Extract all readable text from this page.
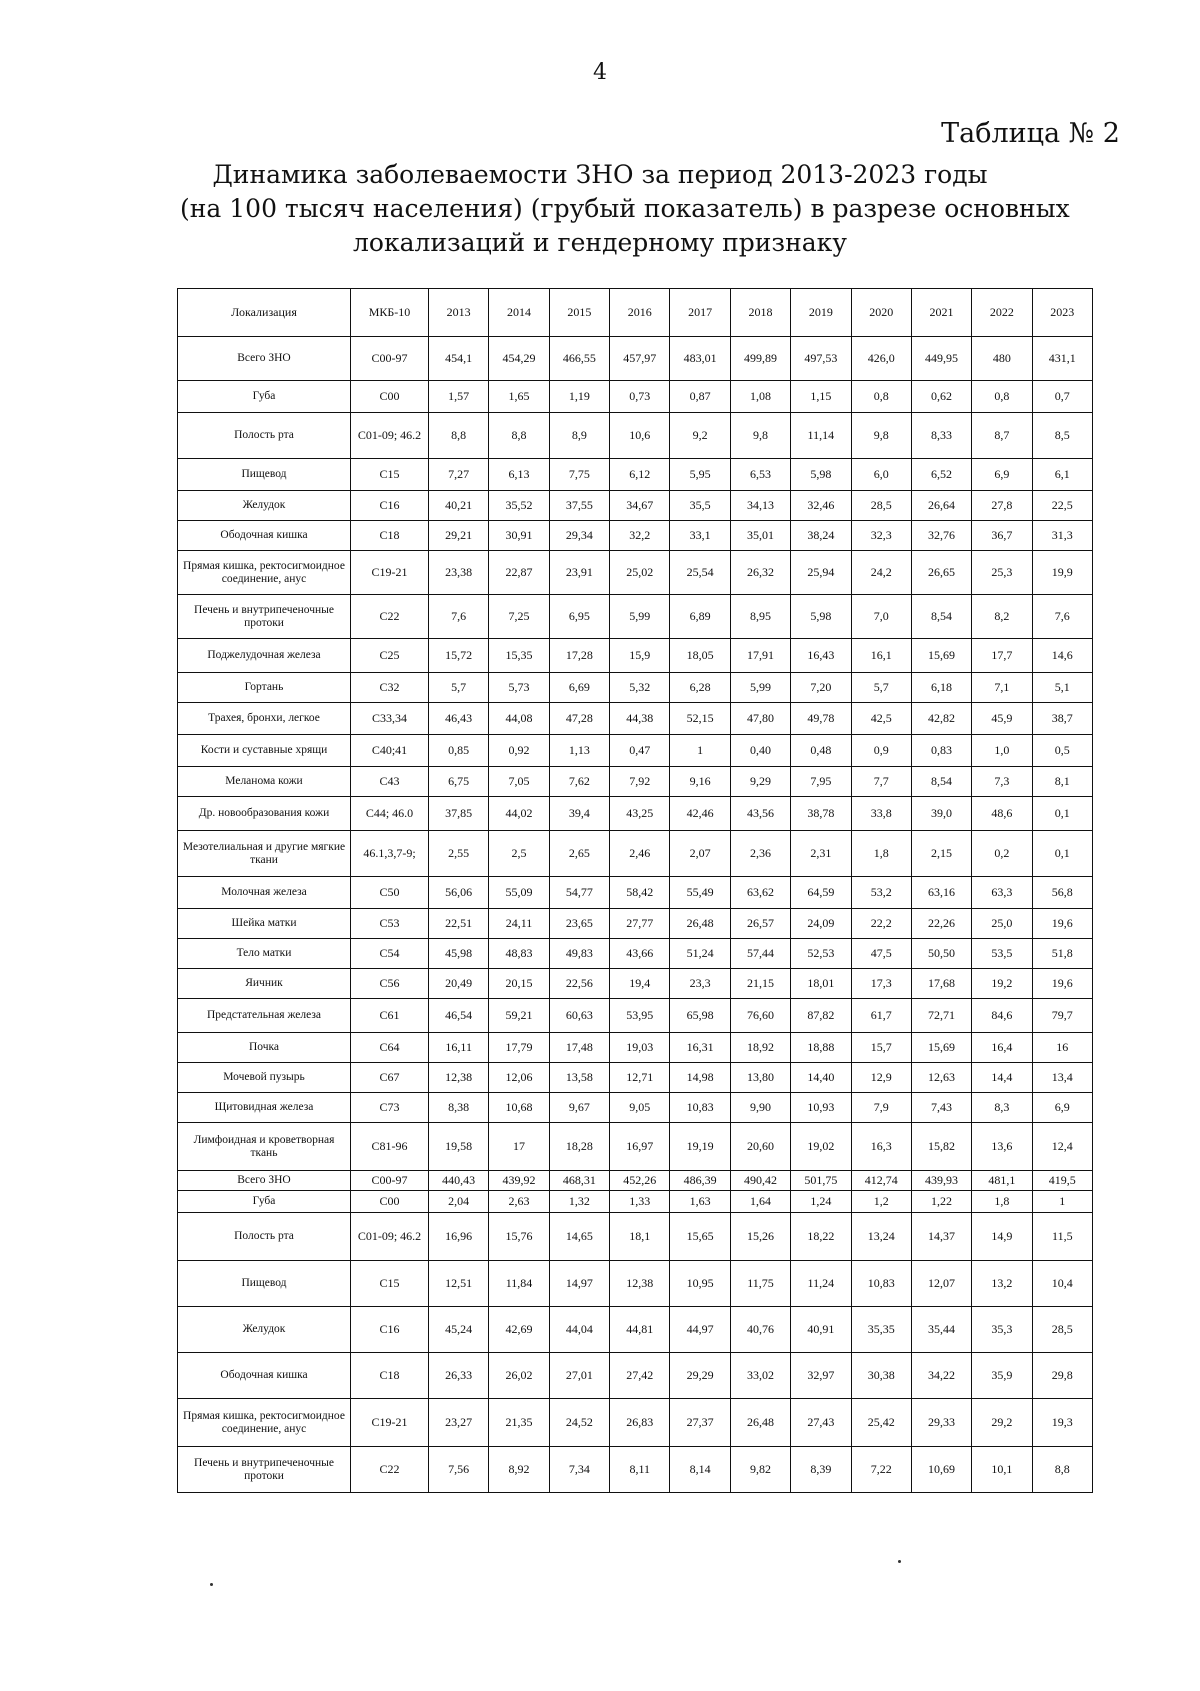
4
Таблица № 2
Динамика заболеваемости ЗНО за период 2013-2023 годы
(на 100 тысяч населения) (грубый показатель) в разрезе основных
локализаций и гендерному признаку
Локализация	МКБ-10	2013	2014	2015	2016	2017	2018	2019	2020	2021	2022	2023
Всего ЗНО	С00-97	454,1	454,29	466,55	457,97	483,01	499,89	497,53	426,0	449,95	480	431,1
Губа	С00	1,57	1,65	1,19	0,73	0,87	1,08	1,15	0,8	0,62	0,8	0,7
Полость рта	С01-09; 46.2	8,8	8,8	8,9	10,6	9,2	9,8	11,14	9,8	8,33	8,7	8,5
Пищевод	С15	7,27	6,13	7,75	6,12	5,95	6,53	5,98	6,0	6,52	6,9	6,1
Желудок	С16	40,21	35,52	37,55	34,67	35,5	34,13	32,46	28,5	26,64	27,8	22,5
Ободочная кишка	С18	29,21	30,91	29,34	32,2	33,1	35,01	38,24	32,3	32,76	36,7	31,3
Прямая кишка, ректосигмоидное соединение, анус	С19-21	23,38	22,87	23,91	25,02	25,54	26,32	25,94	24,2	26,65	25,3	19,9
Печень и внутрипеченочные протоки	С22	7,6	7,25	6,95	5,99	6,89	8,95	5,98	7,0	8,54	8,2	7,6
Поджелудочная железа	С25	15,72	15,35	17,28	15,9	18,05	17,91	16,43	16,1	15,69	17,7	14,6
Гортань	С32	5,7	5,73	6,69	5,32	6,28	5,99	7,20	5,7	6,18	7,1	5,1
Трахея, бронхи, легкое	С33,34	46,43	44,08	47,28	44,38	52,15	47,80	49,78	42,5	42,82	45,9	38,7
Кости и суставные хрящи	С40;41	0,85	0,92	1,13	0,47	1	0,40	0,48	0,9	0,83	1,0	0,5
Меланома кожи	С43	6,75	7,05	7,62	7,92	9,16	9,29	7,95	7,7	8,54	7,3	8,1
Др. новообразования кожи	С44; 46.0	37,85	44,02	39,4	43,25	42,46	43,56	38,78	33,8	39,0	48,6	0,1
Мезотелиальная и другие мягкие ткани	46.1,3,7-9;	2,55	2,5	2,65	2,46	2,07	2,36	2,31	1,8	2,15	0,2	0,1
Молочная железа	С50	56,06	55,09	54,77	58,42	55,49	63,62	64,59	53,2	63,16	63,3	56,8
Шейка матки	С53	22,51	24,11	23,65	27,77	26,48	26,57	24,09	22,2	22,26	25,0	19,6
Тело матки	С54	45,98	48,83	49,83	43,66	51,24	57,44	52,53	47,5	50,50	53,5	51,8
Яичник	С56	20,49	20,15	22,56	19,4	23,3	21,15	18,01	17,3	17,68	19,2	19,6
Предстательная железа	С61	46,54	59,21	60,63	53,95	65,98	76,60	87,82	61,7	72,71	84,6	79,7
Почка	С64	16,11	17,79	17,48	19,03	16,31	18,92	18,88	15,7	15,69	16,4	16
Мочевой пузырь	С67	12,38	12,06	13,58	12,71	14,98	13,80	14,40	12,9	12,63	14,4	13,4
Щитовидная железа	С73	8,38	10,68	9,67	9,05	10,83	9,90	10,93	7,9	7,43	8,3	6,9
Лимфоидная и кроветворная ткань	С81-96	19,58	17	18,28	16,97	19,19	20,60	19,02	16,3	15,82	13,6	12,4
Всего ЗНО	С00-97	440,43	439,92	468,31	452,26	486,39	490,42	501,75	412,74	439,93	481,1	419,5
Губа	С00	2,04	2,63	1,32	1,33	1,63	1,64	1,24	1,2	1,22	1,8	1
Полость рта	С01-09; 46.2	16,96	15,76	14,65	18,1	15,65	15,26	18,22	13,24	14,37	14,9	11,5
Пищевод	С15	12,51	11,84	14,97	12,38	10,95	11,75	11,24	10,83	12,07	13,2	10,4
Желудок	С16	45,24	42,69	44,04	44,81	44,97	40,76	40,91	35,35	35,44	35,3	28,5
Ободочная кишка	С18	26,33	26,02	27,01	27,42	29,29	33,02	32,97	30,38	34,22	35,9	29,8
Прямая кишка, ректосигмоидное соединение, анус	С19-21	23,27	21,35	24,52	26,83	27,37	26,48	27,43	25,42	29,33	29,2	19,3
Печень и внутрипеченочные протоки	С22	7,56	8,92	7,34	8,11	8,14	9,82	8,39	7,22	10,69	10,1	8,8
